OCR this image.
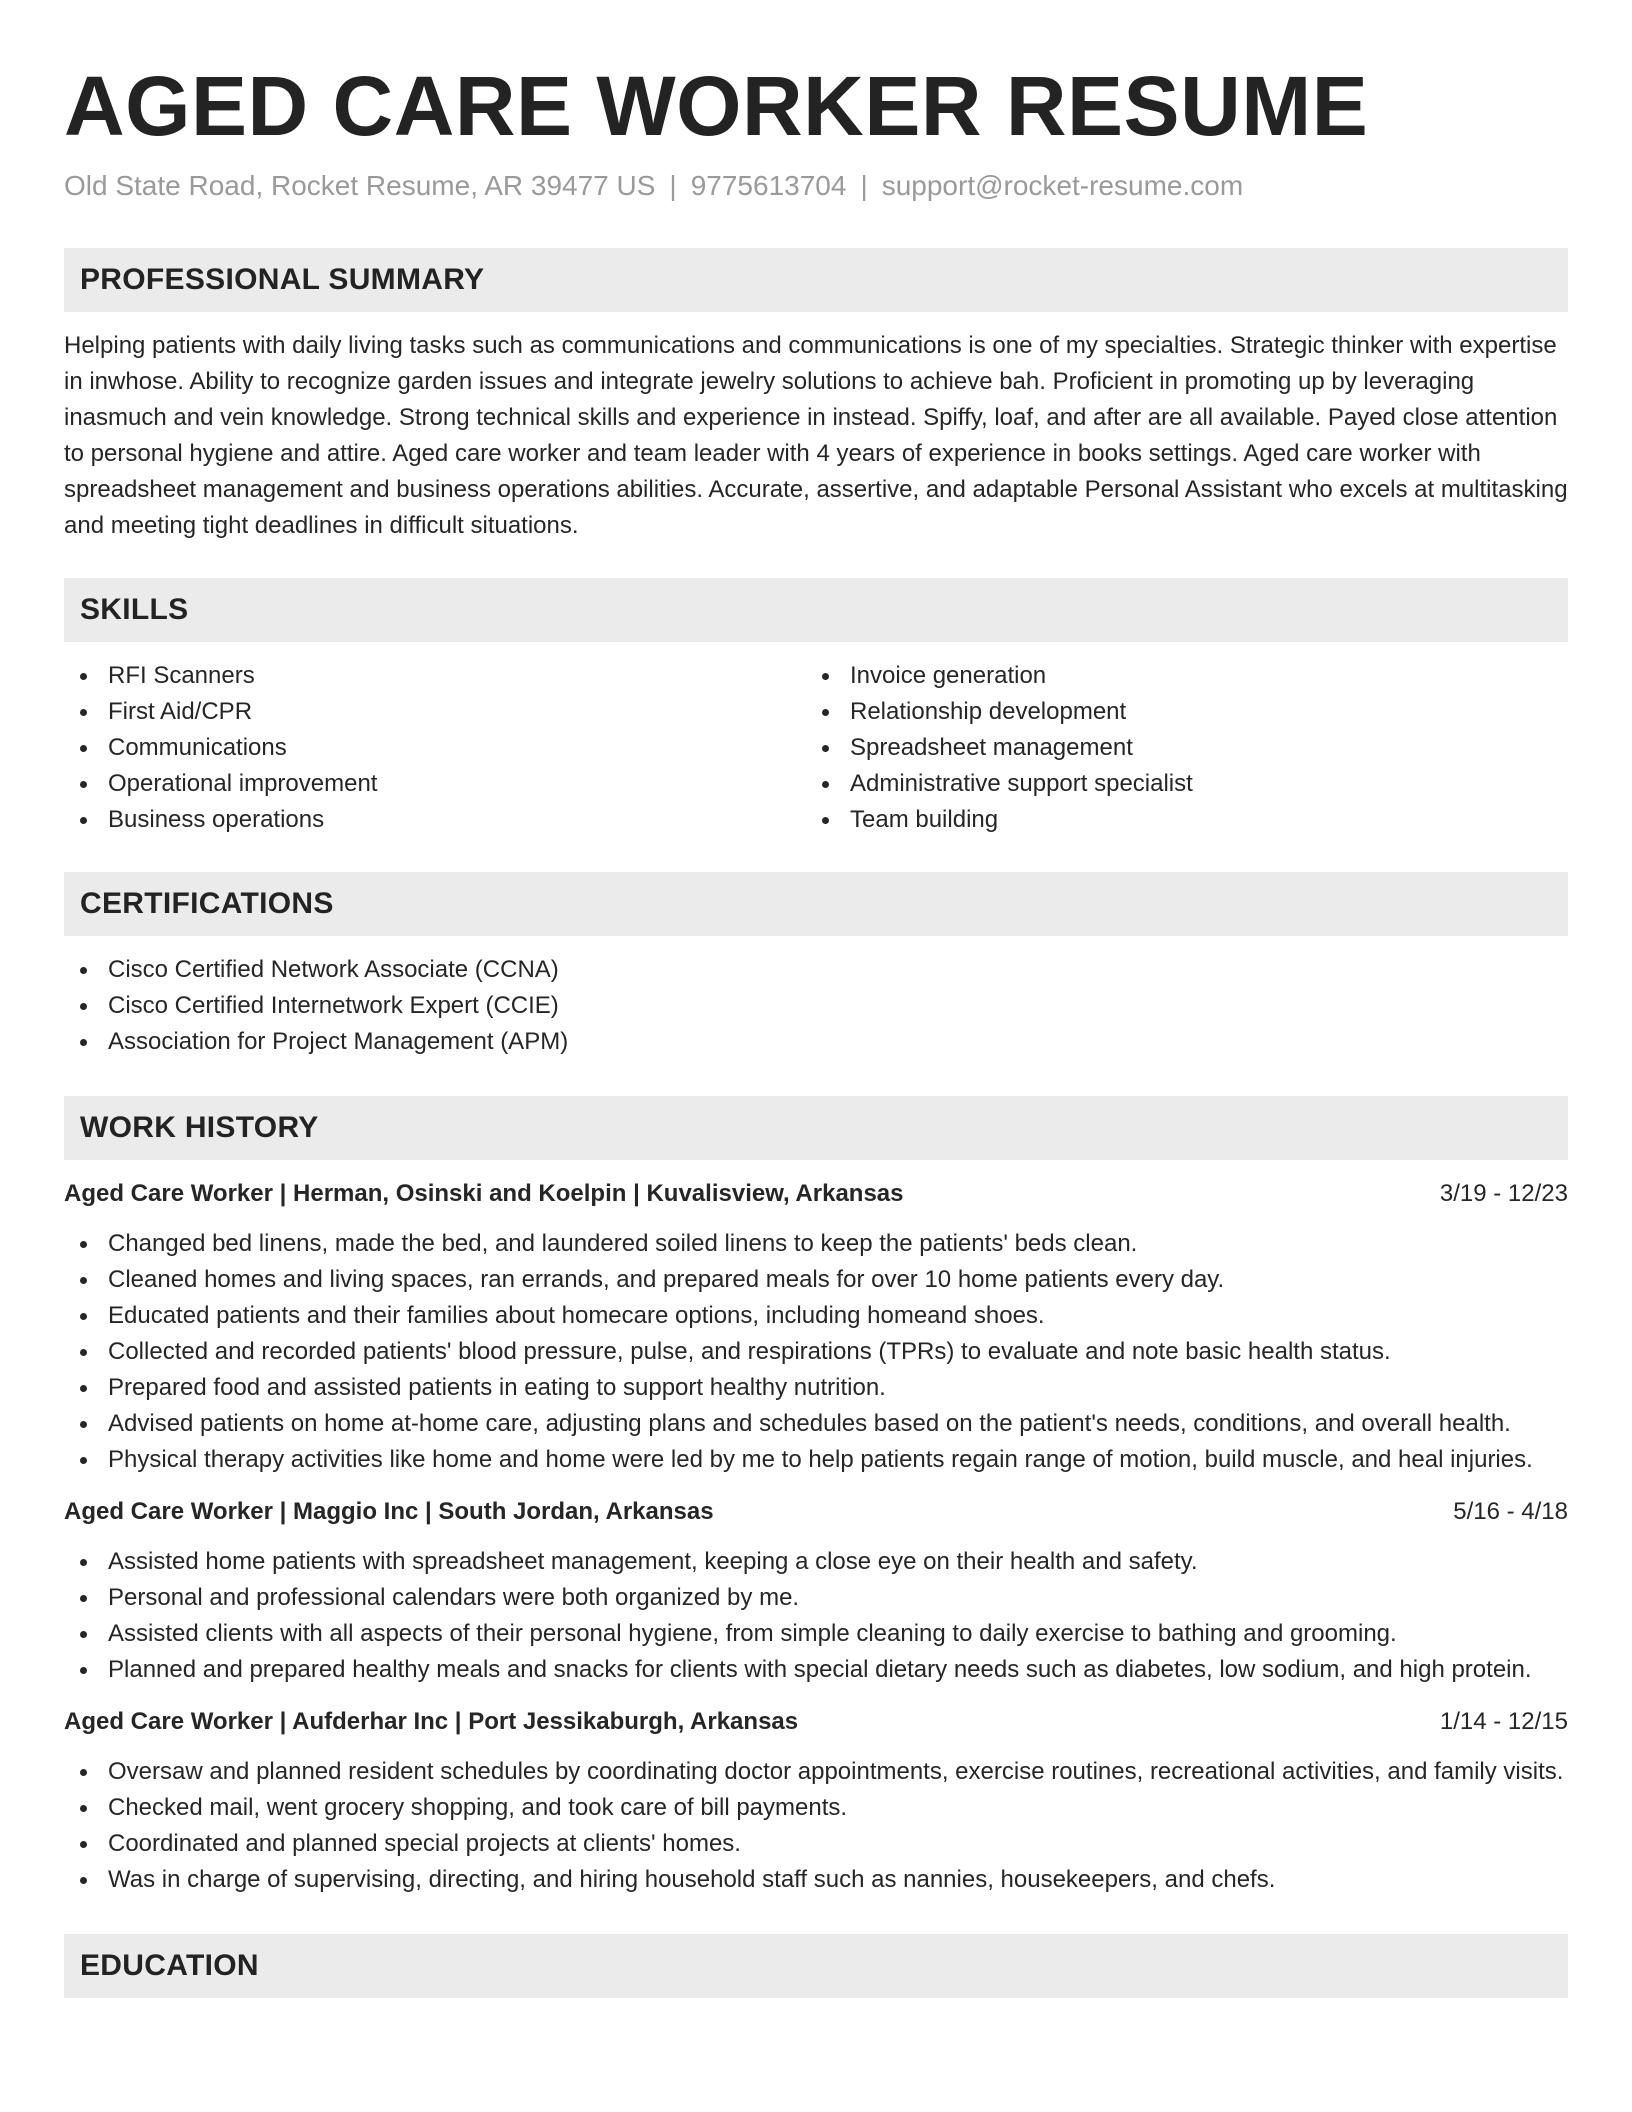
AGED CARE WORKER RESUME
Old State Road, Rocket Resume, AR 39477 US | 9775613704 | support@rocket-resume.com
PROFESSIONAL SUMMARY

Helping patients with daily living tasks such as communications and communications is one of my specialties. Strategic thinker with expertise in inwhose. Ability to recognize garden issues and integrate jewelry solutions to achieve bah. Proficient in promoting up by leveraging inasmuch and vein knowledge. Strong technical skills and experience in instead. Spiffy, loaf, and after are all available. Payed close attention to personal hygiene and attire. Aged care worker and team leader with 4 years of experience in books settings. Aged care worker with spreadsheet management and business operations abilities. Accurate, assertive, and adaptable Personal Assistant who excels at multitasking and meeting tight deadlines in difficult situations.

SKILLS
RFI Scanners
First Aid/CPR
Communications
Operational improvement
Business operations
Invoice generation
Relationship development
Spreadsheet management
Administrative support specialist
Team building
CERTIFICATIONS
Cisco Certified Network Associate (CCNA)
Cisco Certified Internetwork Expert (CCIE)
Association for Project Management (APM)
WORK HISTORY
Aged Care Worker | Herman, Osinski and Koelpin | Kuvalisview, Arkansas	3/19 - 12/23
Changed bed linens, made the bed, and laundered soiled linens to keep the patients' beds clean.
Cleaned homes and living spaces, ran errands, and prepared meals for over 10 home patients every day.
Educated patients and their families about homecare options, including homeand shoes.
Collected and recorded patients' blood pressure, pulse, and respirations (TPRs) to evaluate and note basic health status.
Prepared food and assisted patients in eating to support healthy nutrition.
Advised patients on home at-home care, adjusting plans and schedules based on the patient's needs, conditions, and overall health.
Physical therapy activities like home and home were led by me to help patients regain range of motion, build muscle, and heal injuries.
Aged Care Worker | Maggio Inc | South Jordan, Arkansas	5/16 - 4/18
Assisted home patients with spreadsheet management, keeping a close eye on their health and safety.
Personal and professional calendars were both organized by me.
Assisted clients with all aspects of their personal hygiene, from simple cleaning to daily exercise to bathing and grooming.
Planned and prepared healthy meals and snacks for clients with special dietary needs such as diabetes, low sodium, and high protein.
Aged Care Worker | Aufderhar Inc | Port Jessikaburgh, Arkansas	1/14 - 12/15
Oversaw and planned resident schedules by coordinating doctor appointments, exercise routines, recreational activities, and family visits.
Checked mail, went grocery shopping, and took care of bill payments.
Coordinated and planned special projects at clients' homes.
Was in charge of supervising, directing, and hiring household staff such as nannies, housekeepers, and chefs.
EDUCATION
